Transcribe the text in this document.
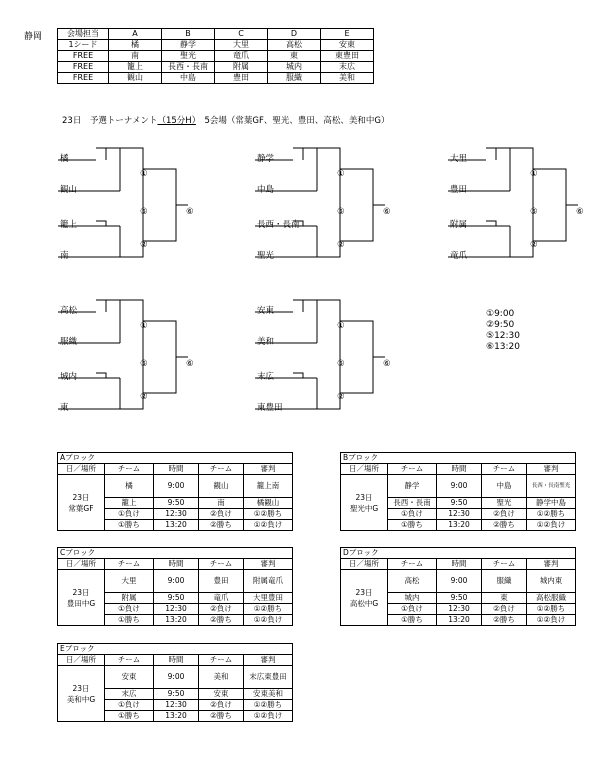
静岡	会場担当	A	B	C	D	E
1シード	橘	静学	大里	高松	安東
FREE	南	聖光	竜爪	東	東豊田
FREE	籠上	長西・長南	附属	城内	末広
FREE	観山	中島	豊田	服織	美和
23日　予選トーナメント（15分H）　 5会場（常葉GF、聖光、豊田、高松、美和中G）
橘
観山
籠上
南
①
⑤
②
⑥
静学
中島
長西・長南
聖光
①
⑤
②
⑥
大里
豊田
附属
竜爪
①
⑤
②
⑥
高松
服織
城内
東
①
⑤
②
⑥
安東
美和
末広
東豊田
①
⑤
②
⑥
①9:00
②9:50
⑤12:30
⑥13:20
Aブロック				
日／場所	チーム	時間	チーム	審判

23日
常葉GF	橘	9:00	観山	籠上南
	籠上	9:50	南	橘観山
	①負け	12:30	②負け	①②勝ち
	①勝ち	13:20	②勝ち	①②負け
Bブロック				
日／場所	チーム	時間	チーム	審判

23日
聖光中G	静学	9:00	中島	長西・長南聖光
	長西・長南	9:50	聖光	静学中島
	①負け	12:30	②負け	①②勝ち
	①勝ち	13:20	②勝ち	①②負け
Cブロック				
日／場所	チーム	時間	チーム	審判

23日
豊田中G	大里	9:00	豊田	附属竜爪
	附属	9:50	竜爪	大里豊田
	①負け	12:30	②負け	①②勝ち
	①勝ち	13:20	②勝ち	①②負け
Dブロック				
日／場所	チーム	時間	チーム	審判

23日
高松中G	高松	9:00	服織	城内東
	城内	9:50	東	高松服織
	①負け	12:30	②負け	①②勝ち
	①勝ち	13:20	②勝ち	①②負け
Eブロック				
日／場所	チーム	時間	チーム	審判

23日
美和中G	安東	9:00	美和	末広東豊田
	末広	9:50	安東	安東美和
	①負け	12:30	②負け	①②勝ち
	①勝ち	13:20	②勝ち	①②負け
